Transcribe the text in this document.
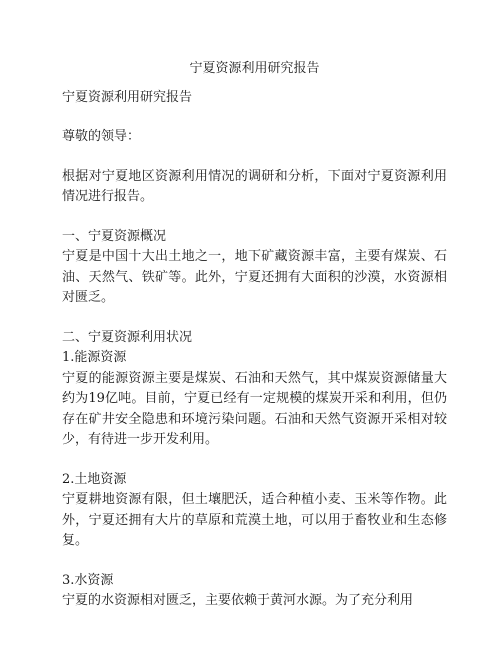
宁夏资源利用研究报告

宁夏资源利用研究报告

尊敬的领导：

根据对宁夏地区资源利用情况的调研和分析，下面对宁夏资源利用情况进行报告。

一、宁夏资源概况

宁夏是中国十大出土地之一，地下矿藏资源丰富，主要有煤炭、石油、天然气、铁矿等。此外，宁夏还拥有大面积的沙漠，水资源相对匮乏。

二、宁夏资源利用状况

1.能源资源

宁夏的能源资源主要是煤炭、石油和天然气，其中煤炭资源储量大约为19亿吨。目前，宁夏已经有一定规模的煤炭开采和利用，但仍存在矿井安全隐患和环境污染问题。石油和天然气资源开采相对较少，有待进一步开发利用。

2.土地资源

宁夏耕地资源有限，但土壤肥沃，适合种植小麦、玉米等作物。此外，宁夏还拥有大片的草原和荒漠土地，可以用于畜牧业和生态修复。

3.水资源

宁夏的水资源相对匮乏，主要依赖于黄河水源。为了充分利用
